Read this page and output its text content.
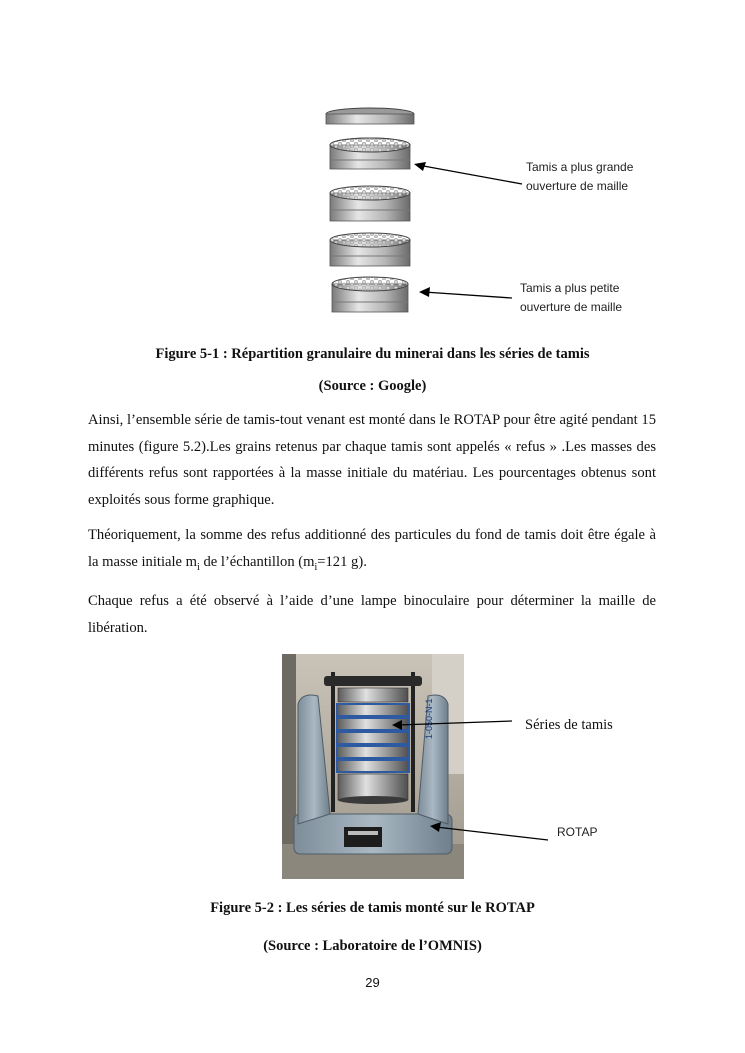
Tamis a plus grande
ouverture de maille
Tamis a plus petite
ouverture de maille
Figure 5-1 : Répartition granulaire du minerai dans les séries de tamis
(Source : Google)

Ainsi, l’ensemble série de tamis-tout venant est monté dans le ROTAP pour être agité pendant 15 minutes (figure 5.2).Les grains retenus par chaque tamis sont appelés « refus » .Les masses des différents refus sont rapportées à la masse initiale du matériau. Les pourcentages obtenus sont exploités sous forme graphique.

Théoriquement, la somme des refus additionné des particules du fond de tamis doit être égale à la masse initiale $m_i$ de l’échantillon ($m_i=121$ g).

Chaque refus a été observé à l’aide d’une lampe binoculaire pour déterminer la maille de libération.

1-050-N-1	Séries de tamis
ROTAP
Figure 5-2 : Les séries de tamis monté sur le ROTAP
(Source : Laboratoire de l’OMNIS)
29
